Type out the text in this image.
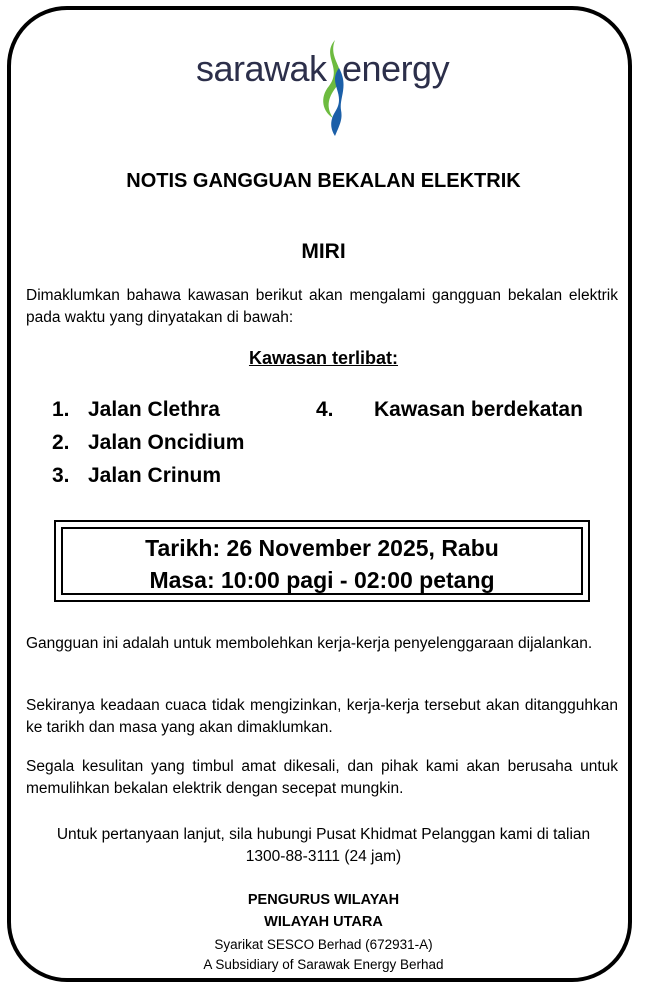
sarawak energy
NOTIS GANGGUAN BEKALAN ELEKTRIK
MIRI
Dimaklumkan bahawa kawasan berikut akan mengalami gangguan bekalan elektrik pada waktu yang dinyatakan di bawah:
Kawasan terlibat:
1. Jalan Clethra
2. Jalan Oncidium
3. Jalan Crinum
4. Kawasan berdekatan
Tarikh: 26 November 2025, Rabu
Masa: 10:00 pagi - 02:00 petang
Gangguan ini adalah untuk membolehkan kerja-kerja penyelenggaraan dijalankan.
Sekiranya keadaan cuaca tidak mengizinkan, kerja-kerja tersebut akan ditangguhkan ke tarikh dan masa yang akan dimaklumkan.
Segala kesulitan yang timbul amat dikesali, dan pihak kami akan berusaha untuk memulihkan bekalan elektrik dengan secepat mungkin.
Untuk pertanyaan lanjut, sila hubungi Pusat Khidmat Pelanggan kami di talian
1300-88-3111 (24 jam)
PENGURUS WILAYAH
WILAYAH UTARA
Syarikat SESCO Berhad (672931-A)
A Subsidiary of Sarawak Energy Berhad
